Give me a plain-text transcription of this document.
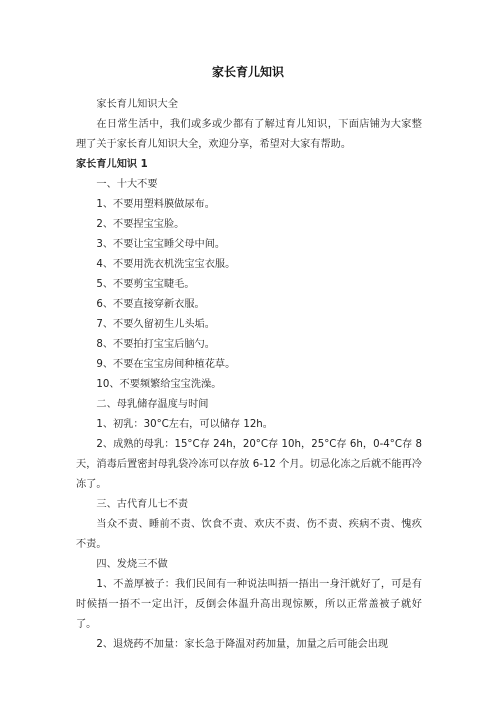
家长育儿知识

家长育儿知识大全

在日常生活中，我们或多或少都有了解过育儿知识，下面店铺为大家整理了关于家长育儿知识大全，欢迎分享，希望对大家有帮助。

家长育儿知识 1

一、十大不要

1、不要用塑料膜做尿布。

2、不要捏宝宝脸。

3、不要让宝宝睡父母中间。

4、不要用洗衣机洗宝宝衣服。

5、不要剪宝宝睫毛。

6、不要直接穿新衣服。

7、不要久留初生儿头垢。

8、不要拍打宝宝后脑勺。

9、不要在宝宝房间种植花草。

10、不要频繁给宝宝洗澡。

二、母乳储存温度与时间

1、初乳：30°C左右，可以储存 12h。

2、成熟的母乳：15°C存 24h，20°C存 10h，25°C存 6h，0-4°C存 8 天，消毒后置密封母乳袋冷冻可以存放 6-12 个月。切忌化冻之后就不能再冷冻了。

三、古代育儿七不责

当众不责、睡前不责、饮食不责、欢庆不责、伤不责、疾病不责、愧疚不责。

四、发烧三不做

1、不盖厚被子：我们民间有一种说法叫捂一捂出一身汗就好了，可是有时候捂一捂不一定出汗，反倒会体温升高出现惊厥，所以正常盖被子就好了。

2、退烧药不加量：家长急于降温对药加量，加量之后可能会出现
